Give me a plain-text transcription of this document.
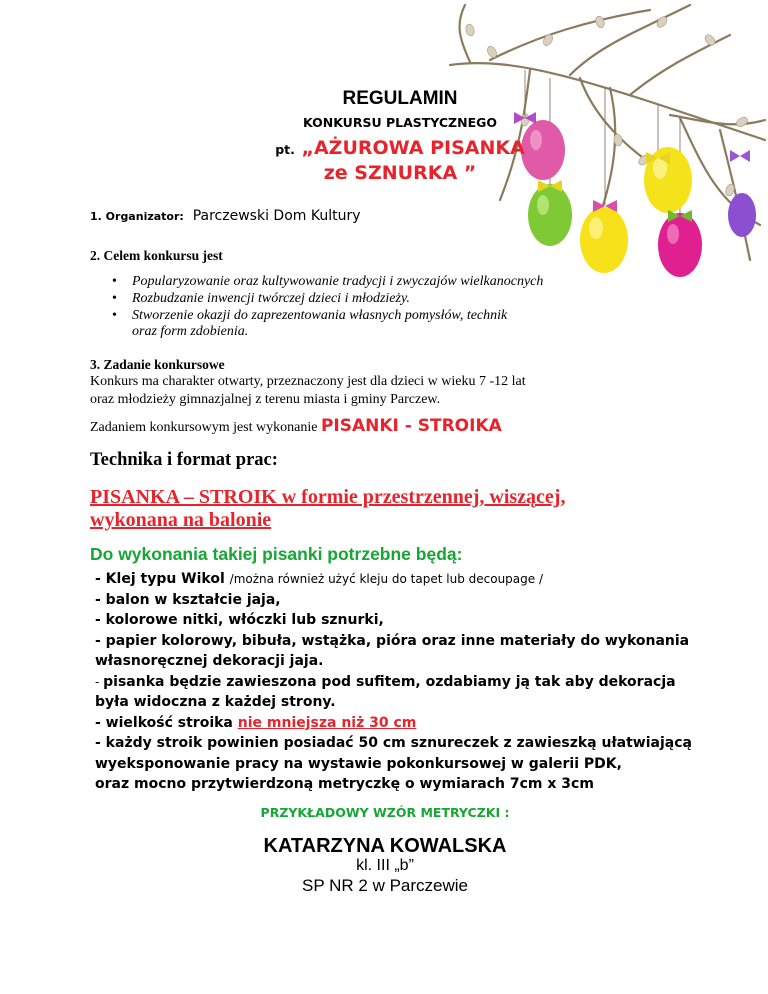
REGULAMIN
KONKURSU PLASTYCZNEGO
pt. „AŻUROWA PISANKA
ze SZNURKA ”
1. Organizator: Parczewski Dom Kultury
2. Celem konkursu jest
• Popularyzowanie oraz kultywowanie tradycji i zwyczajów wielkanocnych
• Rozbudzanie inwencji twórczej dzieci i młodzieży.
• Stworzenie okazji do zaprezentowania własnych pomysłów, technik
oraz form zdobienia.
3. Zadanie konkursowe
Konkurs ma charakter otwarty, przeznaczony jest dla dzieci w wieku 7 -12 lat
oraz młodzieży gimnazjalnej z terenu miasta i gminy Parczew.
Zadaniem konkursowym jest wykonanie PISANKI - STROIKA
Technika i format prac:
PISANKA – STROIK w formie przestrzennej, wiszącej,
wykonana na balonie
Do wykonania takiej pisanki potrzebne będą:
- Klej typu Wikol /można również użyć kleju do tapet lub decoupage /
- balon w kształcie jaja,
- kolorowe nitki, włóczki lub sznurki,
- papier kolorowy, bibuła, wstążka, pióra oraz inne materiały do wykonania
własnoręcznej dekoracji jaja.
- pisanka będzie zawieszona pod sufitem, ozdabiamy ją tak aby dekoracja
była widoczna z każdej strony.
- wielkość stroika nie mniejsza niż 30 cm
- każdy stroik powinien posiadać 50 cm sznureczek z zawieszką ułatwiającą
wyeksponowanie pracy na wystawie pokonkursowej w galerii PDK,
oraz mocno przytwierdzoną metryczkę o wymiarach 7cm x 3cm
PRZYKŁADOWY WZÓR METRYCZKI :
KATARZYNA KOWALSKA
kl. III „b”
SP NR 2 w Parczewie
